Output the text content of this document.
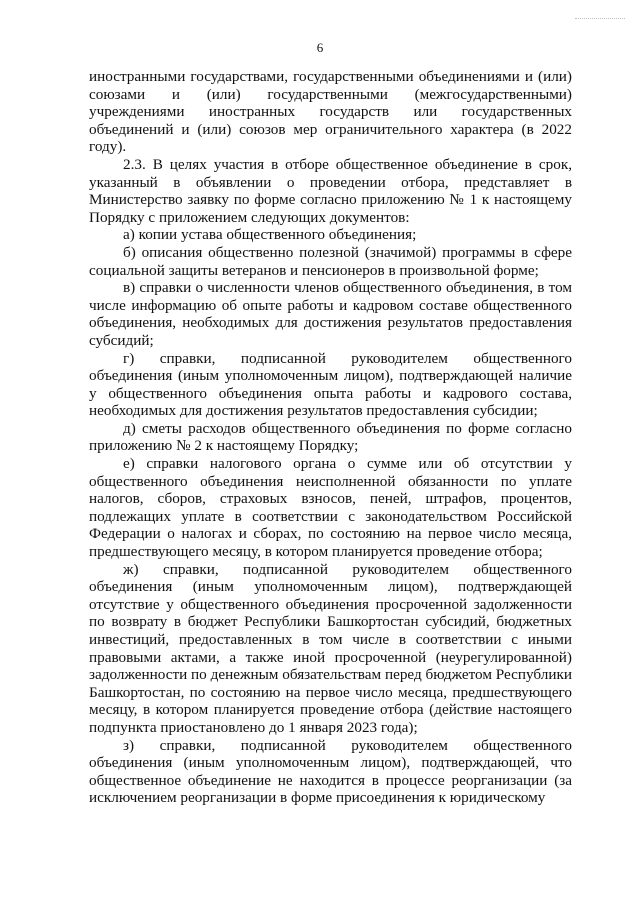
6

иностранными государствами, государственными объединениями и (или) союзами и (или) государственными (межгосударственными) учреждениями иностранных государств или государственных объединений и (или) союзов мер ограничительного характера (в 2022 году).

2.3. В целях участия в отборе общественное объединение в срок, указанный в объявлении о проведении отбора, представляет в Министерство заявку по форме согласно приложению № 1 к настоящему Порядку с приложением следующих документов:

а) копии устава общественного объединения;

б) описания общественно полезной (значимой) программы в сфере социальной защиты ветеранов и пенсионеров в произвольной форме;

в) справки о численности членов общественного объединения, в том числе информацию об опыте работы и кадровом составе общественного объединения, необходимых для достижения результатов предоставления субсидий;

г) справки, подписанной руководителем общественного объединения (иным уполномоченным лицом), подтверждающей наличие у общественного объединения опыта работы и кадрового состава, необходимых для достижения результатов предоставления субсидии;

д) сметы расходов общественного объединения по форме согласно приложению № 2 к настоящему Порядку;

е) справки налогового органа о сумме или об отсутствии у общественного объединения неисполненной обязанности по уплате налогов, сборов, страховых взносов, пеней, штрафов, процентов, подлежащих уплате в соответствии с законодательством Российской Федерации о налогах и сборах, по состоянию на первое число месяца, предшествующего месяцу, в котором планируется проведение отбора;

ж) справки, подписанной руководителем общественного объединения (иным уполномоченным лицом), подтверждающей отсутствие у общественного объединения просроченной задолженности по возврату в бюджет Республики Башкортостан субсидий, бюджетных инвестиций, предоставленных в том числе в соответствии с иными правовыми актами, а также иной просроченной (неурегулированной) задолженности по денежным обязательствам перед бюджетом Республики Башкортостан, по состоянию на первое число месяца, предшествующего месяцу, в котором планируется проведение отбора (действие настоящего подпункта приостановлено до 1 января 2023 года);

з) справки, подписанной руководителем общественного объединения (иным уполномоченным лицом), подтверждающей, что общественное объединение не находится в процессе реорганизации (за исключением реорганизации в форме присоединения к юридическому
